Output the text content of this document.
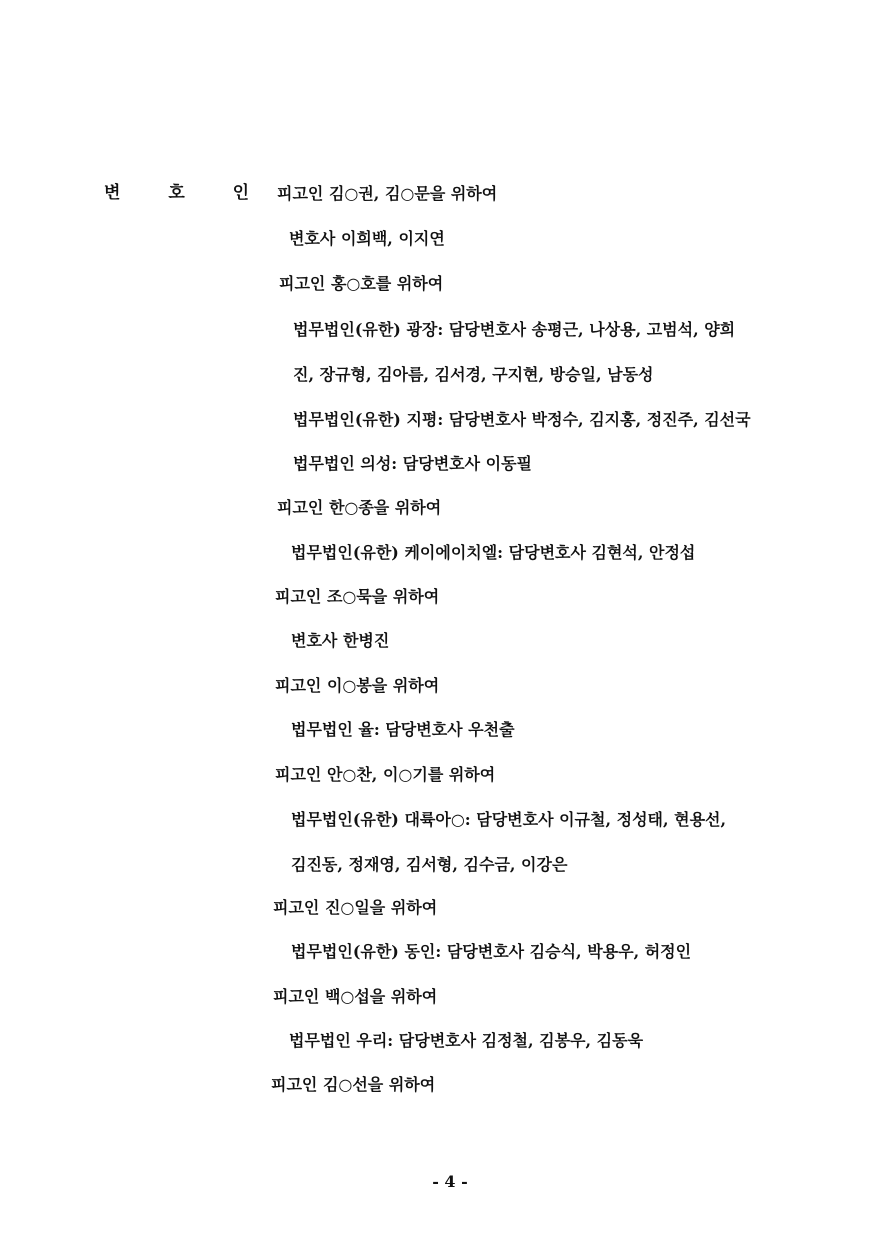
변 호 인 피고인 김○권, 김○문을 위하여
변호사 이희백, 이지연
피고인 홍○호를 위하여
법무법인(유한) 광장: 담당변호사 송평근, 나상용, 고범석, 양희
진, 장규형, 김아름, 김서경, 구지현, 방승일, 남동성
법무법인(유한) 지평: 담당변호사 박정수, 김지홍, 정진주, 김선국
법무법인 의성: 담당변호사 이동필
피고인 한○종을 위하여
법무법인(유한) 케이에이치엘: 담당변호사 김현석, 안정섭
피고인 조○묵을 위하여
변호사 한병진
피고인 이○봉을 위하여
법무법인 율: 담당변호사 우천출
피고인 안○찬, 이○기를 위하여
법무법인(유한) 대륙아○: 담당변호사 이규철, 정성태, 현용선,
김진동, 정재영, 김서형, 김수금, 이강은
피고인 진○일을 위하여
법무법인(유한) 동인: 담당변호사 김승식, 박용우, 허정인
피고인 백○섭을 위하여
법무법인 우리: 담당변호사 김정철, 김봉우, 김동욱
피고인 김○선을 위하여
- 4 -
